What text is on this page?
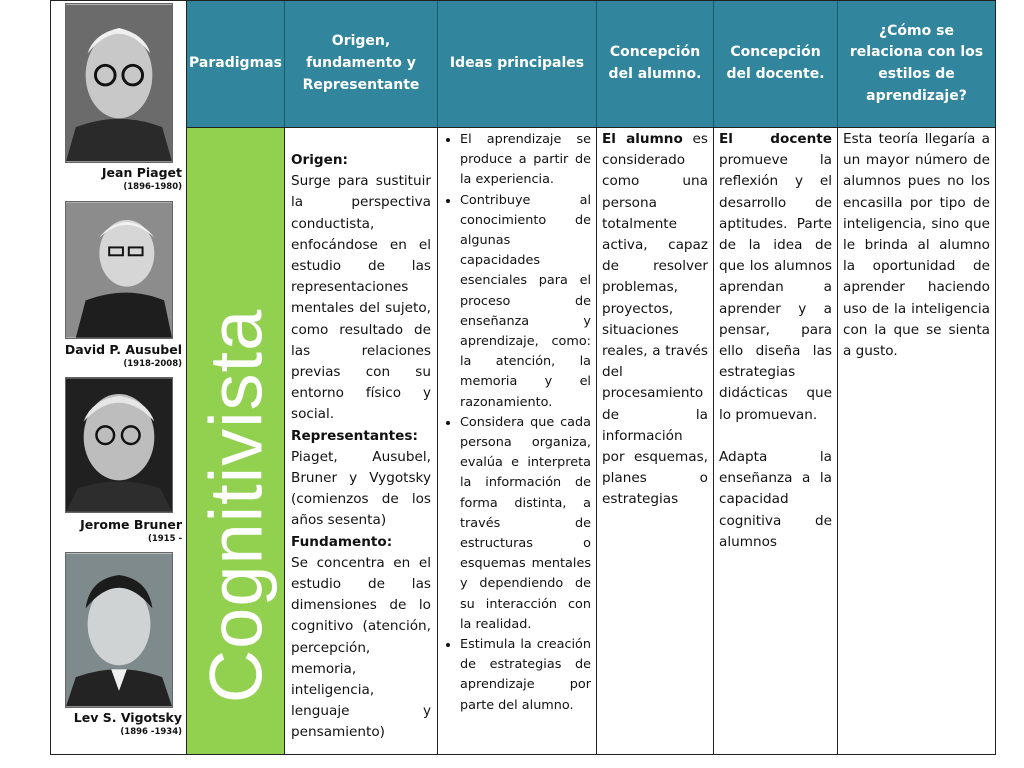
Paradigmas
Origen, fundamento y Representante
Ideas principales
Concepción del alumno.
Concepción del docente.
¿Cómo se relaciona con los estilos de aprendizaje?
Jean Piaget
(1896-1980)
David P. Ausubel
(1918-2008)
Jerome Bruner
(1915 -
Lev S. Vigotsky
(1896 -1934)
Cognitivista
Origen:
Surge para sustituir la perspectiva conductista, enfocándose en el estudio de las representaciones mentales del sujeto, como resultado de las relaciones previas con su entorno físico y social.
Representantes:
Piaget, Ausubel, Bruner y Vygotsky (comienzos de los años sesenta)
Fundamento:
Se concentra en el estudio de las dimensiones de lo cognitivo (atención, percepción, memoria, inteligencia, lenguaje y pensamiento)
• El aprendizaje se produce a partir de la experiencia.
• Contribuye al conocimiento de algunas capacidades esenciales para el proceso de enseñanza y aprendizaje, como: la atención, la memoria y el razonamiento.
• Considera que cada persona organiza, evalúa e interpreta la información de forma distinta, a través de estructuras o esquemas mentales y dependiendo de su interacción con la realidad.
• Estimula la creación de estrategias de aprendizaje por parte del alumno.
El alumno es considerado como una persona totalmente activa, capaz de resolver problemas, proyectos, situaciones reales, a través del procesamiento de la información por esquemas, planes o estrategias
El docente promueve la reflexión y el desarrollo de aptitudes. Parte de la idea de que los alumnos aprendan a aprender y a pensar, para ello diseña las estrategias didácticas que lo promuevan.

Adapta la enseñanza a la capacidad cognitiva de alumnos
Esta teoría llegaría a un mayor número de alumnos pues no los encasilla por tipo de inteligencia, sino que le brinda al alumno la oportunidad de aprender haciendo uso de la inteligencia con la que se sienta a gusto.
